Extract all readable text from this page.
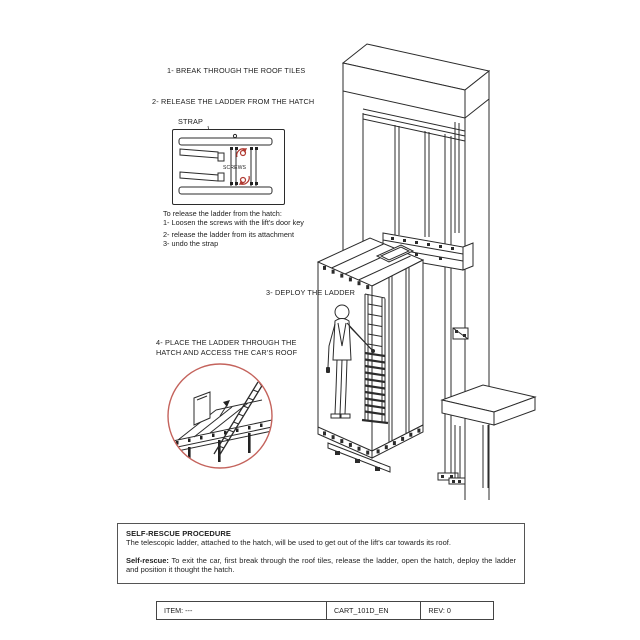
1- BREAK THROUGH THE ROOF TILES
2- RELEASE THE LADDER FROM THE HATCH
STRAP
SCREWS
To release the ladder from the hatch:
1- Loosen the screws with the lift's door key
2- release the ladder from its attachment
3- undo the strap
3- DEPLOY THE LADDER
4- PLACE THE LADDER THROUGH THE
HATCH AND ACCESS THE CAR'S ROOF
SELF-RESCUE PROCEDURE
The telescopic ladder, attached to the hatch, will be used to get out of the lift's car towards its roof.
Self-rescue: To exit the car, first break through the roof tiles, release the ladder, open the hatch, deploy the ladder and position it thought the hatch.
ITEM: ---	CART_101D_EN	REV: 0
